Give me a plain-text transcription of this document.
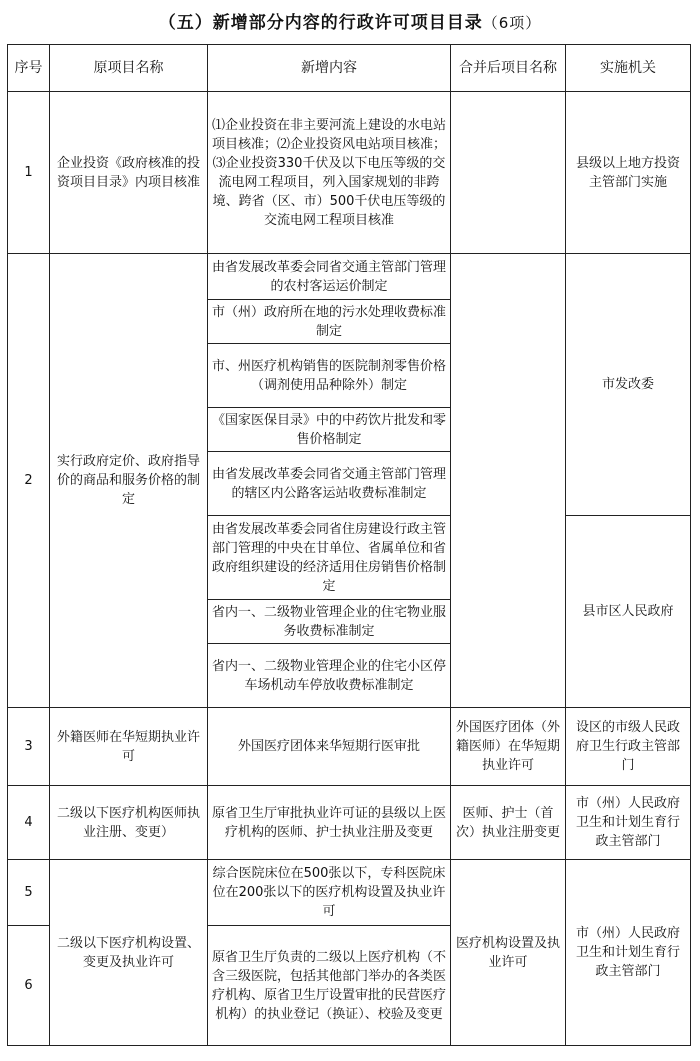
（五）新增部分内容的行政许可项目目录（6项）
序号	原项目名称	新增内容	合并后项目名称	实施机关
1	企业投资《政府核准的投资项目目录》内项目核准	⑴企业投资在非主要河流上建设的水电站项目核准；⑵企业投资风电站项目核准；⑶企业投资330千伏及以下电压等级的交流电网工程项目，列入国家规划的非跨境、跨省（区、市）500千伏电压等级的交流电网工程项目核准		县级以上地方投资主管部门实施
2	实行政府定价、政府指导价的商品和服务价格的制定	由省发展改革委会同省交通主管部门管理的农村客运运价制定		市发改委
		市（州）政府所在地的污水处理收费标准制定		
		市、州医疗机构销售的医院制剂零售价格（调剂使用品种除外）制定		
		《国家医保目录》中的中药饮片批发和零售价格制定		
		由省发展改革委会同省交通主管部门管理的辖区内公路客运站收费标准制定		
		由省发展改革委会同省住房建设行政主管部门管理的中央在甘单位、省属单位和省政府组织建设的经济适用住房销售价格制定		县市区人民政府
		省内一、二级物业管理企业的住宅物业服务收费标准制定		
		省内一、二级物业管理企业的住宅小区停车场机动车停放收费标准制定		
3	外籍医师在华短期执业许可	外国医疗团体来华短期行医审批	外国医疗团体（外籍医师）在华短期执业许可	设区的市级人民政府卫生行政主管部门
4	二级以下医疗机构医师执业注册、变更）	原省卫生厅审批执业许可证的县级以上医疗机构的医师、护士执业注册及变更	医师、护士（首次）执业注册变更	市（州）人民政府卫生和计划生育行政主管部门
5	二级以下医疗机构设置、变更及执业许可	综合医院床位在500张以下，专科医院床位在200张以下的医疗机构设置及执业许可	医疗机构设置及执业许可	市（州）人民政府卫生和计划生育行政主管部门
6		原省卫生厅负责的二级以上医疗机构（不含三级医院，包括其他部门举办的各类医疗机构、原省卫生厅设置审批的民营医疗机构）的执业登记（换证）、校验及变更		
